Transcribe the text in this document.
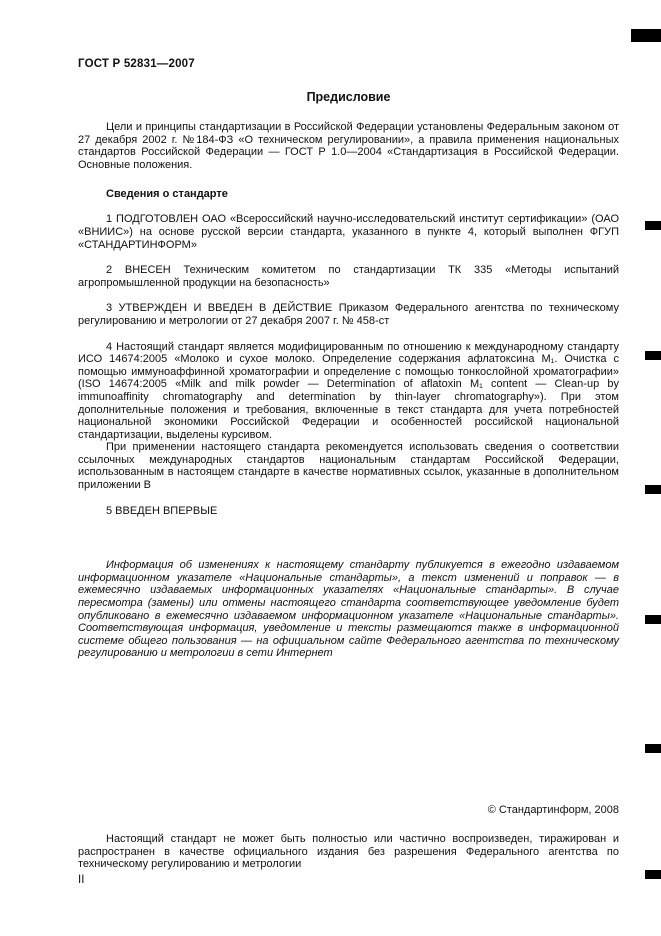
ГОСТ Р 52831—2007
Предисловие

Цели и принципы стандартизации в Российской Федерации установлены Федеральным законом от 27 декабря 2002 г. №184-ФЗ «О техническом регулировании», а правила применения национальных стандартов Российской Федерации — ГОСТ Р 1.0—2004 «Стандартизация в Российской Федерации. Основные положения.

Сведения о стандарте

1 ПОДГОТОВЛЕН ОАО «Всероссийский научно-исследовательский институт сертификации» (ОАО «ВНИИС») на основе русской версии стандарта, указанного в пункте 4, который выполнен ФГУП «СТАНДАРТИНФОРМ»

2 ВНЕСЕН Техническим комитетом по стандартизации ТК 335 «Методы испытаний агропромышленной продукции на безопасность»

3 УТВЕРЖДЕН И ВВЕДЕН В ДЕЙСТВИЕ Приказом Федерального агентства по техническому регулированию и метрологии от 27 декабря 2007 г. № 458-ст

4 Настоящий стандарт является модифицированным по отношению к международному стандарту ИСО 14674:2005 «Молоко и сухое молоко. Определение содержания афлатоксина M₁. Очистка с помощью иммуноаффинной хроматографии и определение с помощью тонкослойной хроматографии» (ISO 14674:2005 «Milk and milk powder — Determination of aflatoxin M₁ content — Clean-up by immunoaffinity chromatography and determination by thin-layer chromatography»). При этом дополнительные положения и требования, включенные в текст стандарта для учета потребностей национальной экономики Российской Федерации и особенностей российской национальной стандартизации, выделены курсивом.

При применении настоящего стандарта рекомендуется использовать сведения о соответствии ссылочных международных стандартов национальным стандартам Российской Федерации, использованным в настоящем стандарте в качестве нормативных ссылок, указанные в дополнительном приложении В

5 ВВЕДЕН ВПЕРВЫЕ

Информация об изменениях к настоящему стандарту публикуется в ежегодно издаваемом информационном указателе «Национальные стандарты», а текст изменений и поправок — в ежемесячно издаваемых информационных указателях «Национальные стандарты». В случае пересмотра (замены) или отмены настоящего стандарта соответствующее уведомление будет опубликовано в ежемесячно издаваемом информационном указателе «Национальные стандарты». Соответствующая информация, уведомление и тексты размещаются также в информационной системе общего пользования — на официальном сайте Федерального агентства по техническому регулированию и метрологии в сети Интернет

© Стандартинформ, 2008

Настоящий стандарт не может быть полностью или частично воспроизведен, тиражирован и распространен в качестве официального издания без разрешения Федерального агентства по техническому регулированию и метрологии

II
